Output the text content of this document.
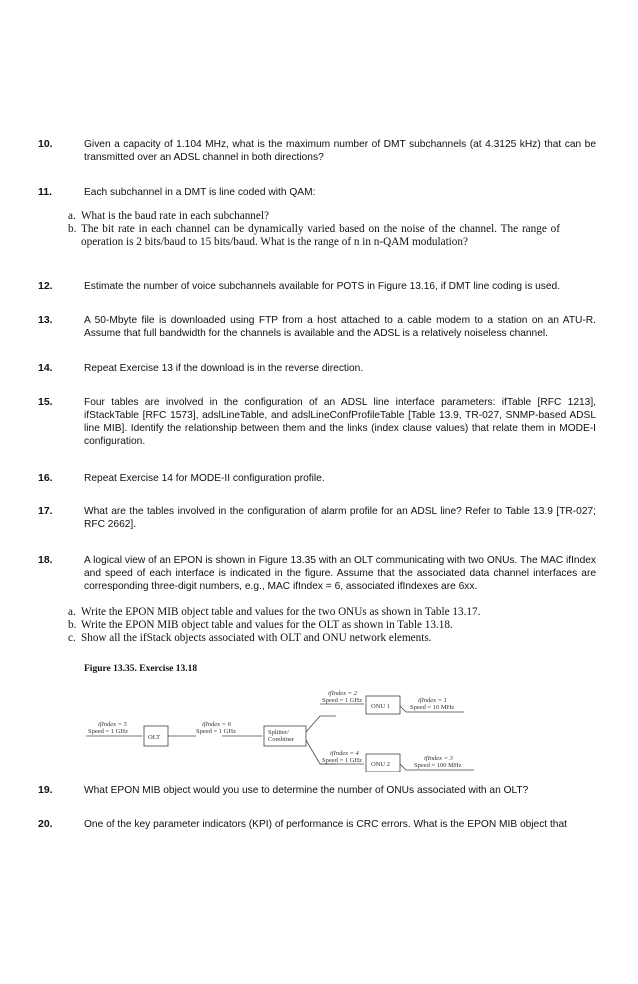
10.	Given a capacity of 1.104 MHz, what is the maximum number of DMT subchannels (at 4.3125 kHz) that can be transmitted over an ADSL channel in both directions?
11.	Each subchannel in a DMT is line coded with QAM:
a. What is the baud rate in each subchannel?
b. The bit rate in each channel can be dynamically varied based on the noise of the channel. The range of operation is 2 bits/baud to 15 bits/baud. What is the range of n in n-QAM modulation?
12.	Estimate the number of voice subchannels available for POTS in Figure 13.16, if DMT line coding is used.
13.	A 50-Mbyte file is downloaded using FTP from a host attached to a cable modem to a station on an ATU-R. Assume that full bandwidth for the channels is available and the ADSL is a relatively noiseless channel.
14.	Repeat Exercise 13 if the download is in the reverse direction.
15.	Four tables are involved in the configuration of an ADSL line interface parameters: ifTable [RFC 1213], ifStackTable [RFC 1573], adslLineTable, and adslLineConfProfileTable [Table 13.9, TR-027, SNMP-based ADSL line MIB]. Identify the relationship between them and the links (index clause values) that relate them in MODE-I configuration.
16.	Repeat Exercise 14 for MODE-II configuration profile.
17.	What are the tables involved in the configuration of alarm profile for an ADSL line? Refer to Table 13.9 [TR-027; RFC 2662].
18.	A logical view of an EPON is shown in Figure 13.35 with an OLT communicating with two ONUs. The MAC ifIndex and speed of each interface is indicated in the figure. Assume that the associated data channel interfaces are corresponding three-digit numbers, e.g., MAC ifIndex = 6, associated ifIndexes are 6xx.
a. Write the EPON MIB object table and values for the two ONUs as shown in Table 13.17.
b. Write the EPON MIB object table and values for the OLT as shown in Table 13.18.
c. Show all the ifStack objects associated with OLT and ONU network elements.
Figure 13.35. Exercise 13.18
ifIndex = 5
Speed = 1 GHz
ifIndex = 6
Speed = 1 GHz
ifIndex = 2
Speed = 1 GHz	ifIndex = 1
Speed = 10 MHz
ifIndex = 4
Speed = 1 GHz	ifIndex = 3
Speed = 100 MHz
OLT
Splitter/
Combiner
ONU 1
ONU 2
19.	What EPON MIB object would you use to determine the number of ONUs associated with an OLT?
20.	One of the key parameter indicators (KPI) of performance is CRC errors. What is the EPON MIB object that
